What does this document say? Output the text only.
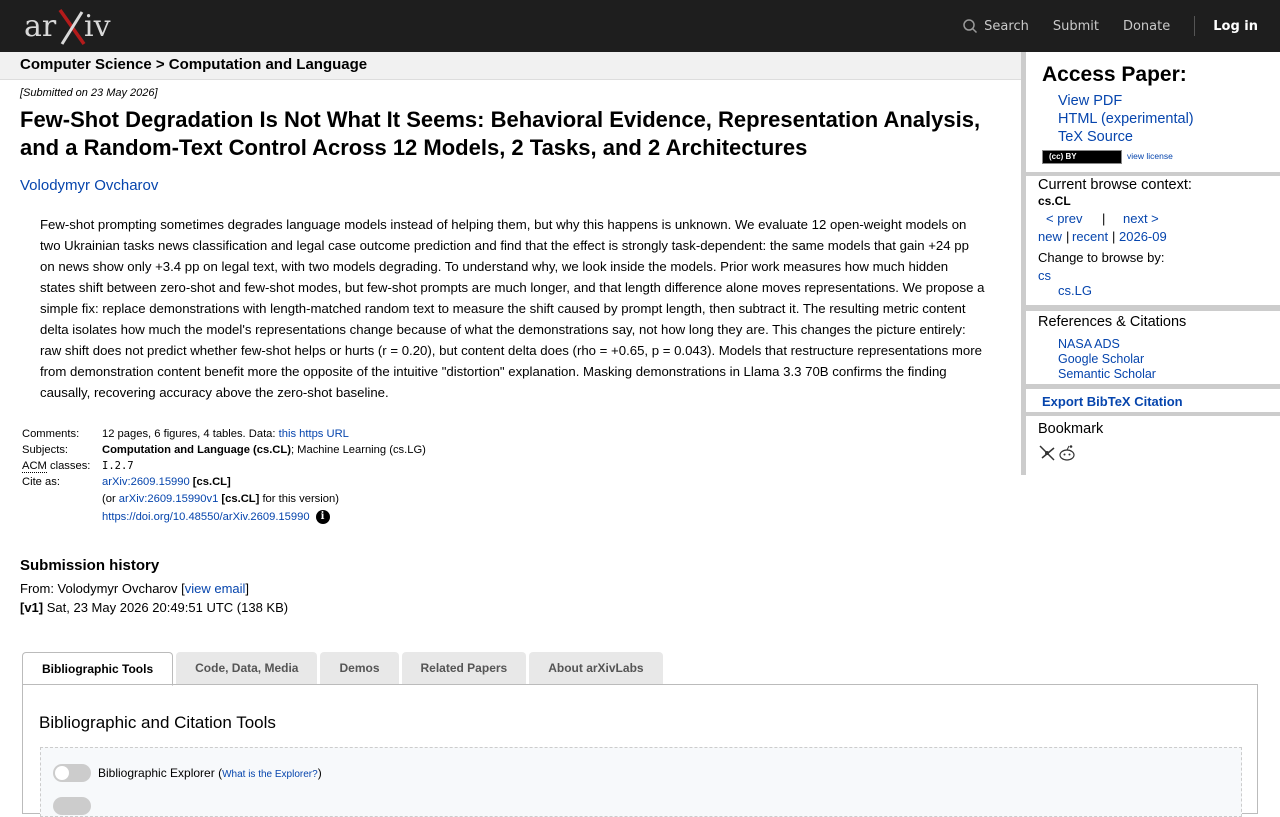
ar iv	Search Submit Donate	Log in
Computer Science > Computation and Language
[Submitted on 23 May 2026]
Few-Shot Degradation Is Not What It Seems: Behavioral Evidence, Representation Analysis, and a Random-Text Control Across 12 Models, 2 Tasks, and 2 Architectures
Volodymyr Ovcharov
Few-shot prompting sometimes degrades language models instead of helping them, but why this happens is unknown. We evaluate 12 open-weight models on two Ukrainian tasks news classification and legal case outcome prediction and find that the effect is strongly task-dependent: the same models that gain +24 pp on news show only +3.4 pp on legal text, with two models degrading. To understand why, we look inside the models. Prior work measures how much hidden states shift between zero-shot and few-shot modes, but few-shot prompts are much longer, and that length difference alone moves representations. We propose a simple fix: replace demonstrations with length-matched random text to measure the shift caused by prompt length, then subtract it. The resulting metric content delta isolates how much the model's representations change because of what the demonstrations say, not how long they are. This changes the picture entirely: raw shift does not predict whether few-shot helps or hurts (r = 0.20), but content delta does (rho = +0.65, p = 0.043). Models that restructure representations more from demonstration content benefit more the opposite of the intuitive "distortion" explanation. Masking demonstrations in Llama 3.3 70B confirms the finding causally, recovering accuracy above the zero-shot baseline.
Comments:	12 pages, 6 figures, 4 tables. Data: this https URL
Subjects:	Computation and Language (cs.CL); Machine Learning (cs.LG)
ACM classes:	I.2.7
Cite as:	arXiv:2609.15990 [cs.CL]
(or arXiv:2609.15990v1 [cs.CL] for this version)
https://doi.org/10.48550/arXiv.2609.15990 i
Submission history
From: Volodymyr Ovcharov [view email]
[v1] Sat, 23 May 2026 20:49:51 UTC (138 KB)
Bibliographic Tools	Code, Data, Media	Demos	Related Papers	About arXivLabs
Bibliographic and Citation Tools
Bibliographic Explorer (What is the Explorer?)
Access Paper:
View PDF
HTML (experimental)
TeX Source
(cc) BY	view license
Current browse context:
cs.CL
< prev | next >
new | recent | 2026-09
Change to browse by:
cs
cs.LG
References & Citations
NASA ADS
Google Scholar
Semantic Scholar
Export BibTeX Citation
Bookmark
